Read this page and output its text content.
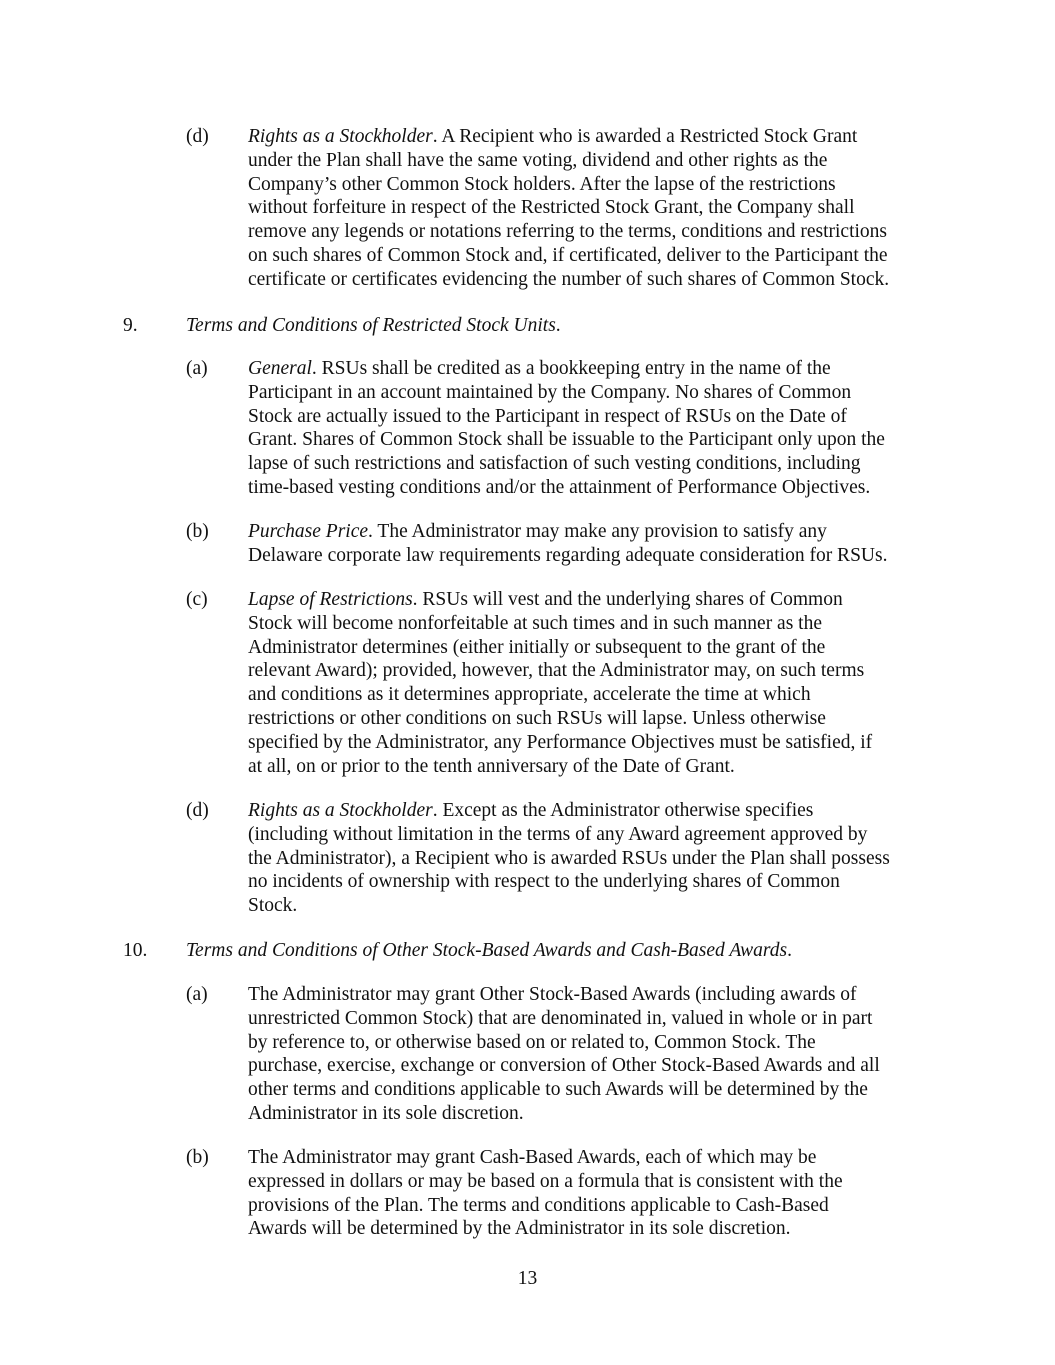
(d) Rights as a Stockholder. A Recipient who is awarded a Restricted Stock Grant
under the Plan shall have the same voting, dividend and other rights as the
Company’s other Common Stock holders. After the lapse of the restrictions
without forfeiture in respect of the Restricted Stock Grant, the Company shall
remove any legends or notations referring to the terms, conditions and restrictions
on such shares of Common Stock and, if certificated, deliver to the Participant the
certificate or certificates evidencing the number of such shares of Common Stock.
9. Terms and Conditions of Restricted Stock Units.
(a) General. RSUs shall be credited as a bookkeeping entry in the name of the
Participant in an account maintained by the Company. No shares of Common
Stock are actually issued to the Participant in respect of RSUs on the Date of
Grant. Shares of Common Stock shall be issuable to the Participant only upon the
lapse of such restrictions and satisfaction of such vesting conditions, including
time-based vesting conditions and/or the attainment of Performance Objectives.
(b) Purchase Price. The Administrator may make any provision to satisfy any
Delaware corporate law requirements regarding adequate consideration for RSUs.
(c) Lapse of Restrictions. RSUs will vest and the underlying shares of Common
Stock will become nonforfeitable at such times and in such manner as the
Administrator determines (either initially or subsequent to the grant of the
relevant Award); provided, however, that the Administrator may, on such terms
and conditions as it determines appropriate, accelerate the time at which
restrictions or other conditions on such RSUs will lapse. Unless otherwise
specified by the Administrator, any Performance Objectives must be satisfied, if
at all, on or prior to the tenth anniversary of the Date of Grant.
(d) Rights as a Stockholder. Except as the Administrator otherwise specifies
(including without limitation in the terms of any Award agreement approved by
the Administrator), a Recipient who is awarded RSUs under the Plan shall possess
no incidents of ownership with respect to the underlying shares of Common
Stock.
10. Terms and Conditions of Other Stock-Based Awards and Cash-Based Awards.
(a) The Administrator may grant Other Stock-Based Awards (including awards of
unrestricted Common Stock) that are denominated in, valued in whole or in part
by reference to, or otherwise based on or related to, Common Stock. The
purchase, exercise, exchange or conversion of Other Stock-Based Awards and all
other terms and conditions applicable to such Awards will be determined by the
Administrator in its sole discretion.
(b) The Administrator may grant Cash-Based Awards, each of which may be
expressed in dollars or may be based on a formula that is consistent with the
provisions of the Plan. The terms and conditions applicable to Cash-Based
Awards will be determined by the Administrator in its sole discretion.
13
